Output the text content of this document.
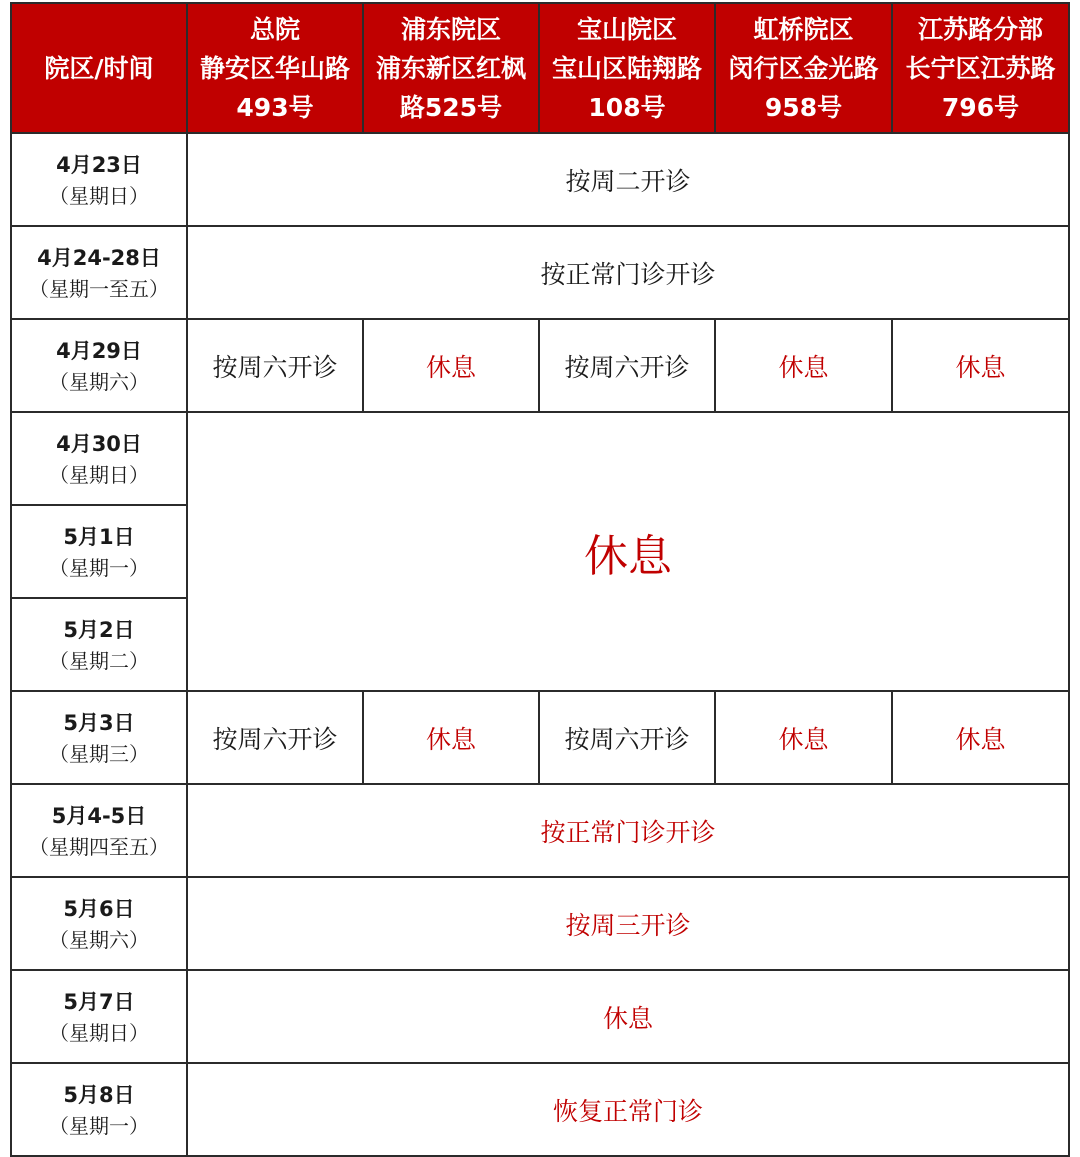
院区/时间	总院
静安区华山路
493号	浦东院区
浦东新区红枫
路525号	宝山院区
宝山区陆翔路
108号	虹桥院区
闵行区金光路
958号	江苏路分部
长宁区江苏路
796号

4月23日
（星期日）	按周二开诊				

4月24-28日
（星期一至五）	按正常门诊开诊				

4月29日
（星期六）	按周六开诊	休息	按周六开诊	休息	休息

4月30日
（星期日）	休息				

5月1日
（星期一）					

5月2日
（星期二）					

5月3日
（星期三）	按周六开诊	休息	按周六开诊	休息	休息

5月4-5日
（星期四至五）	按正常门诊开诊				

5月6日
（星期六）	按周三开诊				

5月7日
（星期日）	休息				

5月8日
（星期一）	恢复正常门诊				
